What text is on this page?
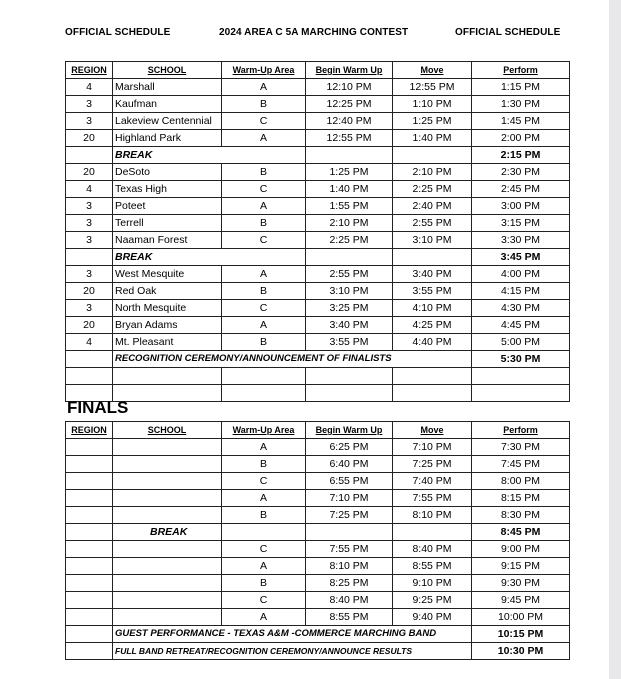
OFFICIAL SCHEDULE	2024 AREA C 5A MARCHING CONTEST	OFFICIAL SCHEDULE
REGION	SCHOOL	Warm-Up Area	Begin Warm Up	Move	Perform
4	Marshall	A	12:10 PM	12:55 PM	1:15 PM
3	Kaufman	B	12:25 PM	1:10 PM	1:30 PM
3	Lakeview Centennial	C	12:40 PM	1:25 PM	1:45 PM
20	Highland Park	A	12:55 PM	1:40 PM	2:00 PM
	BREAK				2:15 PM
20	DeSoto	B	1:25 PM	2:10 PM	2:30 PM
4	Texas High	C	1:40 PM	2:25 PM	2:45 PM
3	Poteet	A	1:55 PM	2:40 PM	3:00 PM
3	Terrell	B	2:10 PM	2:55 PM	3:15 PM
3	Naaman Forest	C	2:25 PM	3:10 PM	3:30 PM
	BREAK				3:45 PM
3	West Mesquite	A	2:55 PM	3:40 PM	4:00 PM
20	Red Oak	B	3:10 PM	3:55 PM	4:15 PM
3	North Mesquite	C	3:25 PM	4:10 PM	4:30 PM
20	Bryan Adams	A	3:40 PM	4:25 PM	4:45 PM
4	Mt. Pleasant	B	3:55 PM	4:40 PM	5:00 PM
	RECOGNITION CEREMONY/ANNOUNCEMENT OF FINALISTS				5:30 PM

FINALS
REGION	SCHOOL	Warm-Up Area	Begin Warm Up	Move	Perform
		A	6:25 PM	7:10 PM	7:30 PM
		B	6:40 PM	7:25 PM	7:45 PM
		C	6:55 PM	7:40 PM	8:00 PM
		A	7:10 PM	7:55 PM	8:15 PM
		B	7:25 PM	8:10 PM	8:30 PM
	BREAK				8:45 PM
		C	7:55 PM	8:40 PM	9:00 PM
		A	8:10 PM	8:55 PM	9:15 PM
		B	8:25 PM	9:10 PM	9:30 PM
		C	8:40 PM	9:25 PM	9:45 PM
		A	8:55 PM	9:40 PM	10:00 PM
	GUEST PERFORMANCE - TEXAS A&M -COMMERCE MARCHING BAND				10:15 PM
	FULL BAND RETREAT/RECOGNITION CEREMONY/ANNOUNCE RESULTS				10:30 PM
